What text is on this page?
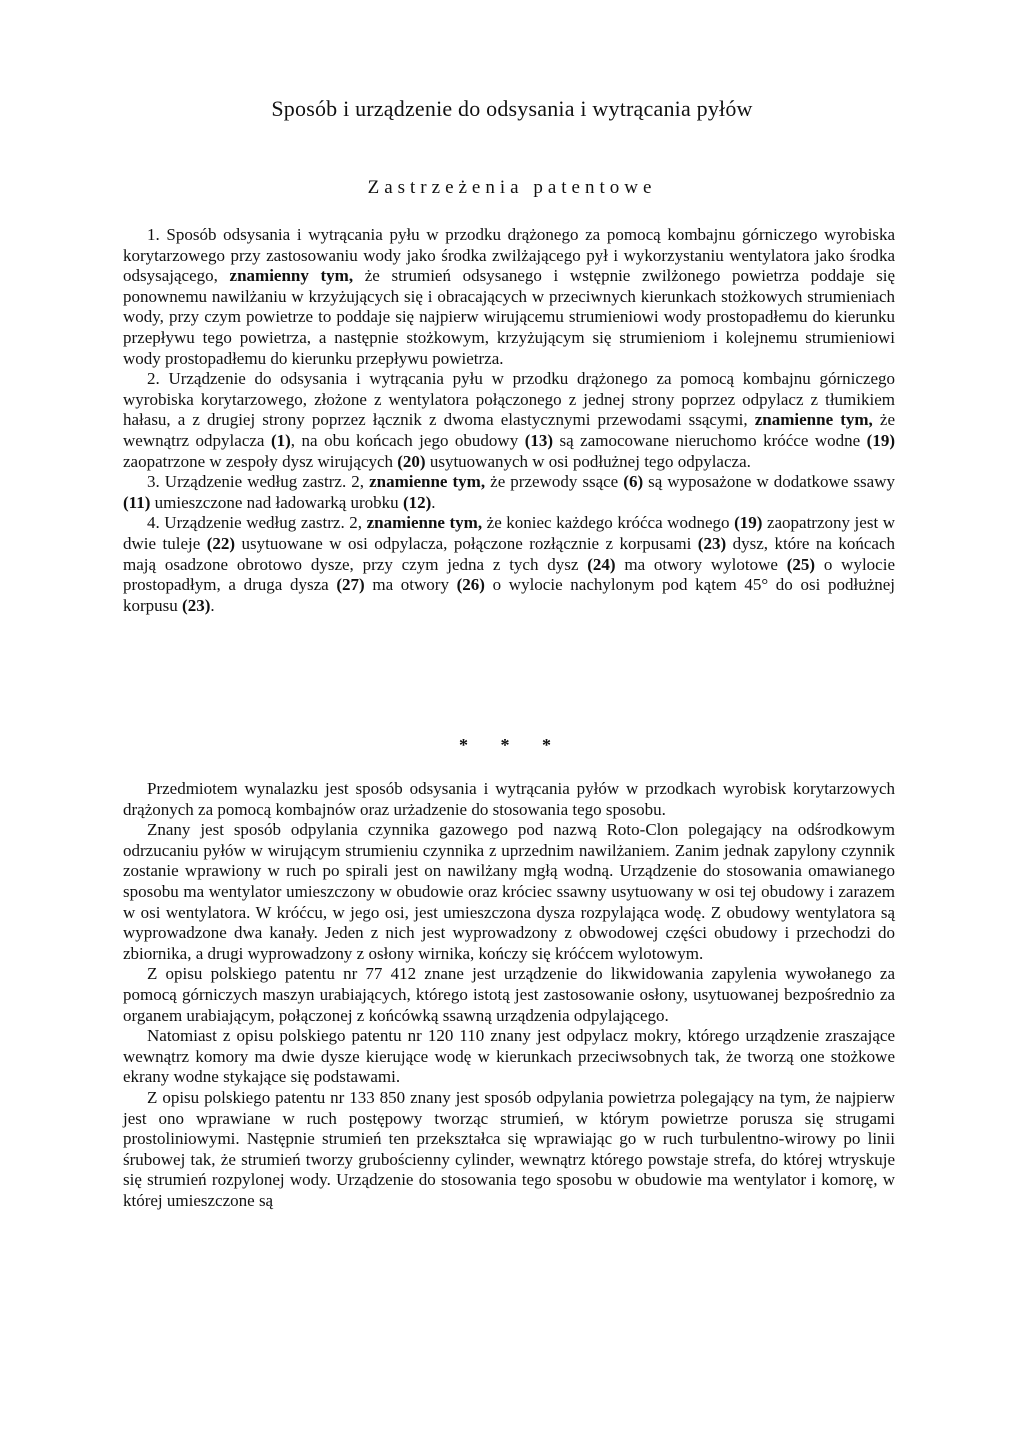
Sposób i urządzenie do odsysania i wytrącania pyłów
Zastrzeżenia patentowe

1. Sposób odsysania i wytrącania pyłu w przodku drążonego za pomocą kombajnu górniczego wyrobiska korytarzowego przy zastosowaniu wody jako środka zwilżającego pył i wykorzystaniu wentylatora jako środka odsysającego, znamienny tym, że strumień odsysanego i wstępnie zwilżonego powietrza poddaje się ponownemu nawilżaniu w krzyżujących się i obracających w przeciwnych kierunkach stożkowych strumieniach wody, przy czym powietrze to poddaje się najpierw wirującemu strumieniowi wody prostopadłemu do kierunku przepływu tego powietrza, a następnie stożkowym, krzyżującym się strumieniom i kolejnemu strumieniowi wody prostopadłemu do kierunku przepływu powietrza.

2. Urządzenie do odsysania i wytrącania pyłu w przodku drążonego za pomocą kombajnu górniczego wyrobiska korytarzowego, złożone z wentylatora połączonego z jednej strony poprzez odpylacz z tłumikiem hałasu, a z drugiej strony poprzez łącznik z dwoma elastycznymi przewodami ssącymi, znamienne tym, że wewnątrz odpylacza (1), na obu końcach jego obudowy (13) są zamocowane nieruchomo króćce wodne (19) zaopatrzone w zespoły dysz wirujących (20) usytuowanych w osi podłużnej tego odpylacza.

3. Urządzenie według zastrz. 2, znamienne tym, że przewody ssące (6) są wyposażone w dodatkowe ssawy (11) umieszczone nad ładowarką urobku (12).

4. Urządzenie według zastrz. 2, znamienne tym, że koniec każdego króćca wodnego (19) zaopatrzony jest w dwie tuleje (22) usytuowane w osi odpylacza, połączone rozłącznie z korpusami (23) dysz, które na końcach mają osadzone obrotowo dysze, przy czym jedna z tych dysz (24) ma otwory wylotowe (25) o wylocie prostopadłym, a druga dysza (27) ma otwory (26) o wylocie nachylonym pod kątem 45° do osi podłużnej korpusu (23).

* * *

Przedmiotem wynalazku jest sposób odsysania i wytrącania pyłów w przodkach wyrobisk korytarzowych drążonych za pomocą kombajnów oraz urżadzenie do stosowania tego sposobu.

Znany jest sposób odpylania czynnika gazowego pod nazwą Roto-Clon polegający na odśrodkowym odrzucaniu pyłów w wirującym strumieniu czynnika z uprzednim nawilżaniem. Zanim jednak zapylony czynnik zostanie wprawiony w ruch po spirali jest on nawilżany mgłą wodną. Urządzenie do stosowania omawianego sposobu ma wentylator umieszczony w obudowie oraz króciec ssawny usytuowany w osi tej obudowy i zarazem w osi wentylatora. W króćcu, w jego osi, jest umieszczona dysza rozpylająca wodę. Z obudowy wentylatora są wyprowadzone dwa kanały. Jeden z nich jest wyprowadzony z obwodowej części obudowy i przechodzi do zbiornika, a drugi wyprowadzony z osłony wirnika, kończy się króćcem wylotowym.

Z opisu polskiego patentu nr 77 412 znane jest urządzenie do likwidowania zapylenia wywołanego za pomocą górniczych maszyn urabiających, którego istotą jest zastosowanie osłony, usytuowanej bezpośrednio za organem urabiającym, połączonej z końcówką ssawną urządzenia odpylającego.

Natomiast z opisu polskiego patentu nr 120 110 znany jest odpylacz mokry, którego urządzenie zraszające wewnątrz komory ma dwie dysze kierujące wodę w kierunkach przeciwsobnych tak, że tworzą one stożkowe ekrany wodne stykające się podstawami.

Z opisu polskiego patentu nr 133 850 znany jest sposób odpylania powietrza polegający na tym, że najpierw jest ono wprawiane w ruch postępowy tworząc strumień, w którym powietrze porusza się strugami prostoliniowymi. Następnie strumień ten przekształca się wprawiając go w ruch turbulentno-wirowy po linii śrubowej tak, że strumień tworzy grubościenny cylinder, wewnątrz którego powstaje strefa, do której wtryskuje się strumień rozpylonej wody. Urządzenie do stosowania tego sposobu w obudowie ma wentylator i komorę, w której umieszczone są
